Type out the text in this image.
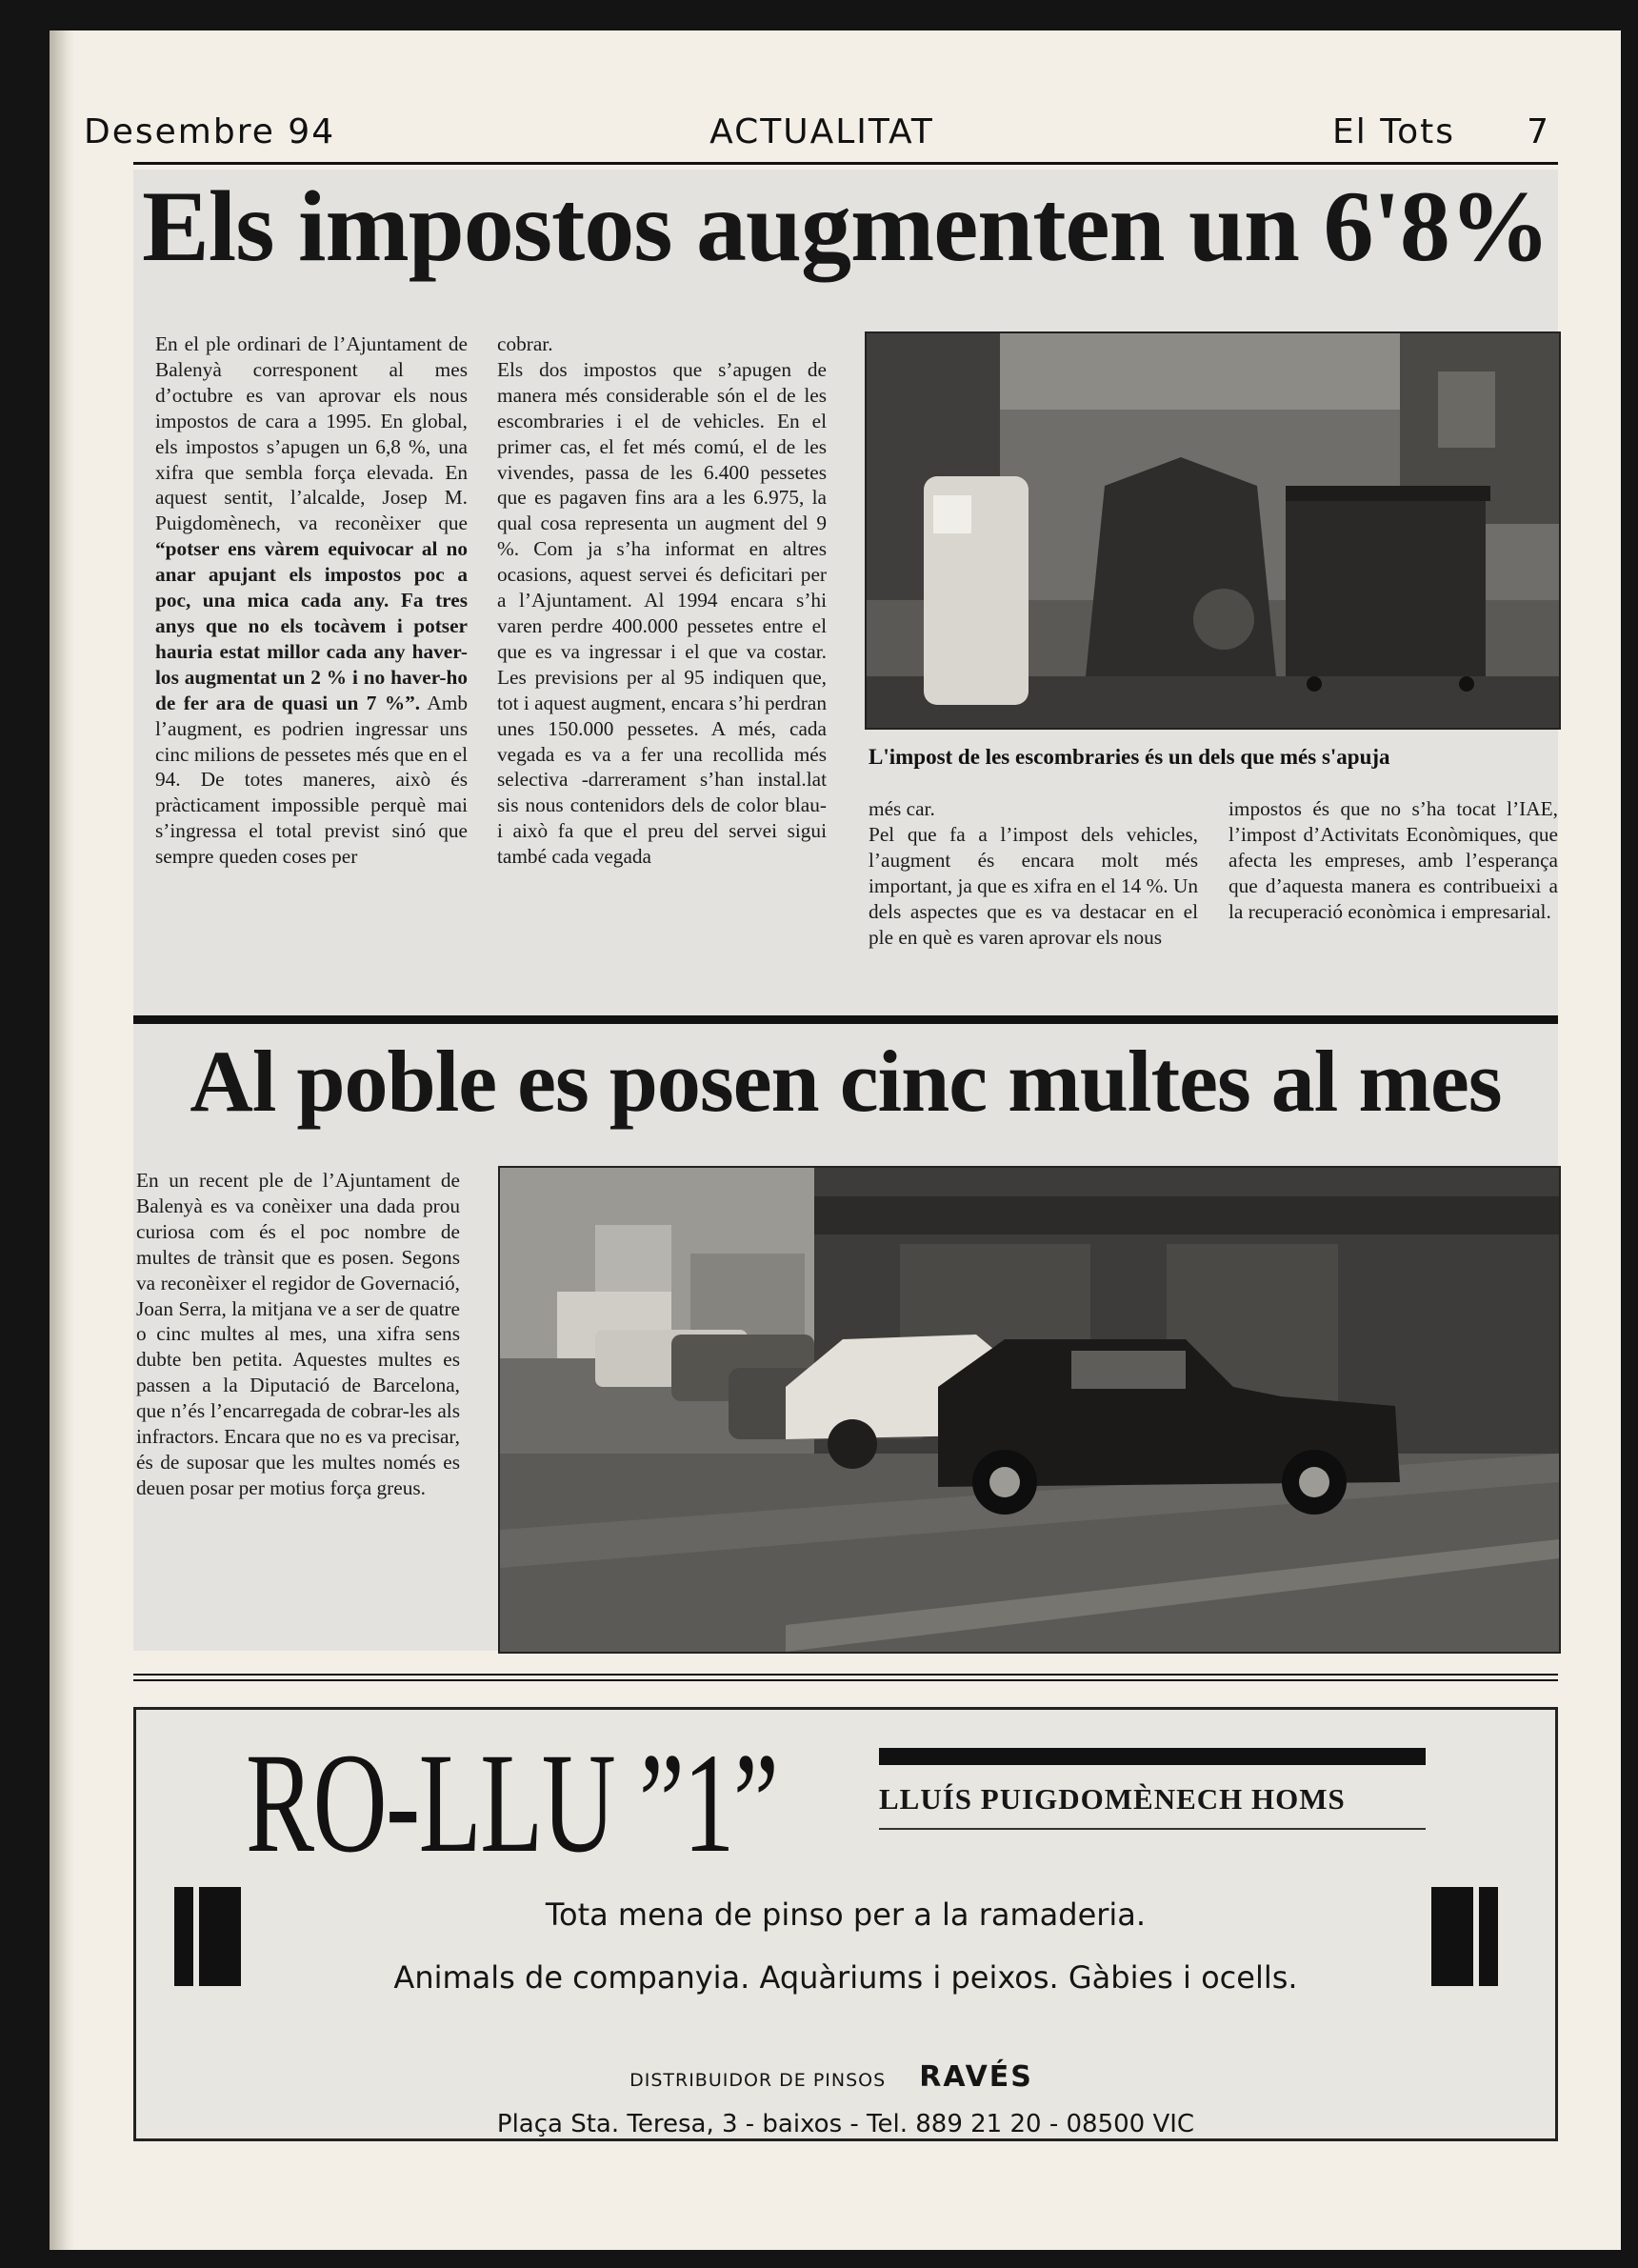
Desembre 94	ACTUALITAT	El Tots 7
Els impostos augmenten un 6'8%
En el ple ordinari de l’Ajuntament de Balenyà corresponent al mes d’octubre es van aprovar els nous impostos de cara a 1995. En global, els impostos s’apugen un 6,8 %, una xifra que sembla força elevada. En aquest sentit, l’alcalde, Josep M. Puigdomènech, va reconèixer que “potser ens vàrem equivocar al no anar apujant els impostos poc a poc, una mica cada any. Fa tres anys que no els tocàvem i potser hauria estat millor cada any haver-los augmentat un 2 % i no haver-ho de fer ara de quasi un 7 %”. Amb l’augment, es podrien ingressar uns cinc milions de pessetes més que en el 94. De totes maneres, això és pràcticament impossible perquè mai s’ingressa el total previst sinó que sempre queden coses per
cobrar.
Els dos impostos que s’apugen de manera més considerable són el de les escombraries i el de vehicles. En el primer cas, el fet més comú, el de les vivendes, passa de les 6.400 pessetes que es pagaven fins ara a les 6.975, la qual cosa representa un augment del 9 %. Com ja s’ha informat en altres ocasions, aquest servei és deficitari per a l’Ajuntament. Al 1994 encara s’hi varen perdre 400.000 pessetes entre el que es va ingressar i el que va costar. Les previsions per al 95 indiquen que, tot i aquest augment, encara s’hi perdran unes 150.000 pessetes. A més, cada vegada es va a fer una recollida més selectiva -darrerament s’han instal.lat sis nous contenidors dels de color blau- i això fa que el preu del servei sigui també cada vegada
L'impost de les escombraries és un dels que més s'apuja
més car.
Pel que fa a l’impost dels vehicles, l’augment és encara molt més important, ja que es xifra en el 14 %. Un dels aspectes que es va destacar en el ple en què es varen aprovar els nous
impostos és que no s’ha tocat l’IAE, l’impost d’Activitats Econòmiques, que afecta les empreses, amb l’esperança que d’aquesta manera es contribueixi a la recuperació econòmica i empresarial.
Al poble es posen cinc multes al mes
En un recent ple de l’Ajuntament de Balenyà es va conèixer una dada prou curiosa com és el poc nombre de multes de trànsit que es posen. Segons va reconèixer el regidor de Governació, Joan Serra, la mitjana ve a ser de quatre o cinc multes al mes, una xifra sens dubte ben petita. Aquestes multes es passen a la Diputació de Barcelona, que n’és l’encarregada de cobrar-les als infractors. Encara que no es va precisar, és de suposar que les multes només es deuen posar per motius força greus.
RO-LLU ”1”	LLUÍS PUIGDOMÈNECH HOMS
Tota mena de pinso per a la ramaderia.
Animals de companyia. Aquàriums i peixos. Gàbies i ocells.
DISTRIBUIDOR DE PINSOS RAVÉS
Plaça Sta. Teresa, 3 - baixos - Tel. 889 21 20 - 08500 VIC
